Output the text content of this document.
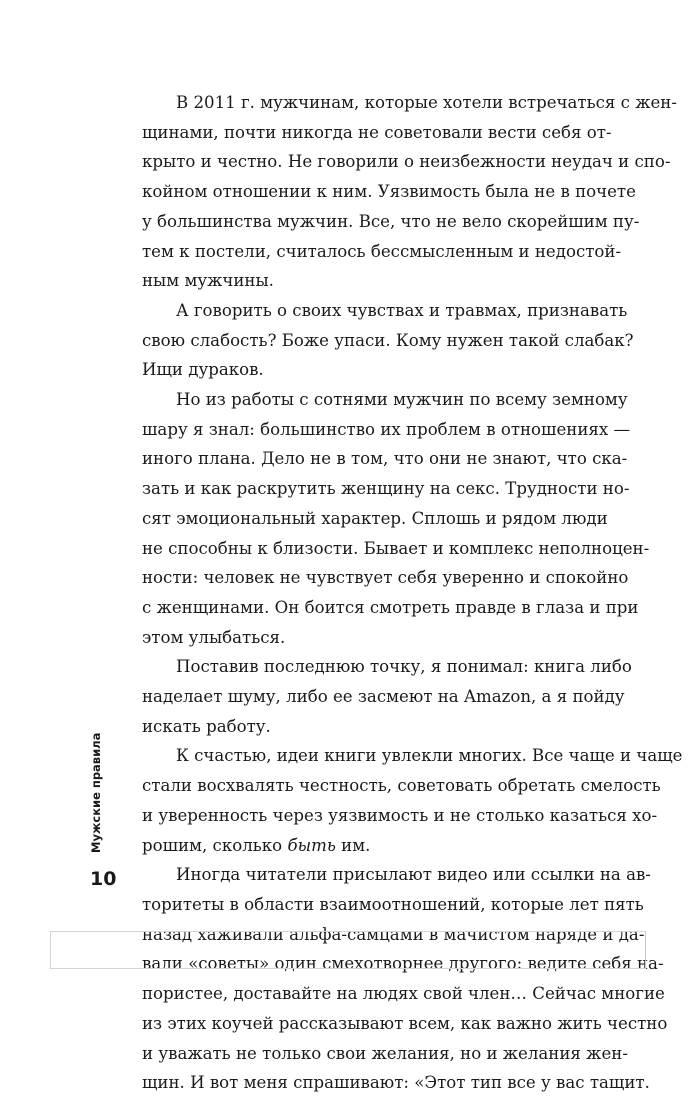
В 2011 г. мужчинам, которые хотели встречаться с жен-
щинами, почти никогда не советовали вести себя от-
крыто и честно. Не говорили о неизбежности неудач и спо-
койном отношении к ним. Уязвимость была не в почете
у большинства мужчин. Все, что не вело скорейшим пу-
тем к постели, считалось бессмысленным и недостой-
ным мужчины.

А говорить о своих чувствах и травмах, признавать
свою слабость? Боже упаси. Кому нужен такой слабак?
Ищи дураков.

Но из работы с сотнями мужчин по всему земному
шару я знал: большинство их проблем в отношениях —
иного плана. Дело не в том, что они не знают, что ска-
зать и как раскрутить женщину на секс. Трудности но-
сят эмоциональный характер. Сплошь и рядом люди
не способны к близости. Бывает и комплекс неполноцен-
ности: человек не чувствует себя уверенно и спокойно
с женщинами. Он боится смотреть правде в глаза и при
этом улыбаться.

Поставив последнюю точку, я понимал: книга либо
наделает шуму, либо ее засмеют на Amazon, а я пойду
искать работу.

К счастью, идеи книги увлекли многих. Все чаще и чаще
стали восхвалять честность, советовать обретать смелость
и уверенность через уязвимость и не столько казаться хо-
рошим, сколько быть им.

Иногда читатели присылают видео или ссылки на ав-
торитеты в области взаимоотношений, которые лет пять
назад хаживали альфа-самцами в мачистом наряде и да-
вали «советы» один смехотворнее другого: ведите себя на-
пористее, доставайте на людях свой член… Сейчас многие
из этих коучей рассказывают всем, как важно жить честно
и уважать не только свои желания, но и желания жен-
щин. И вот меня спрашивают: «Этот тип все у вас тащит.

Мужские правила
10
